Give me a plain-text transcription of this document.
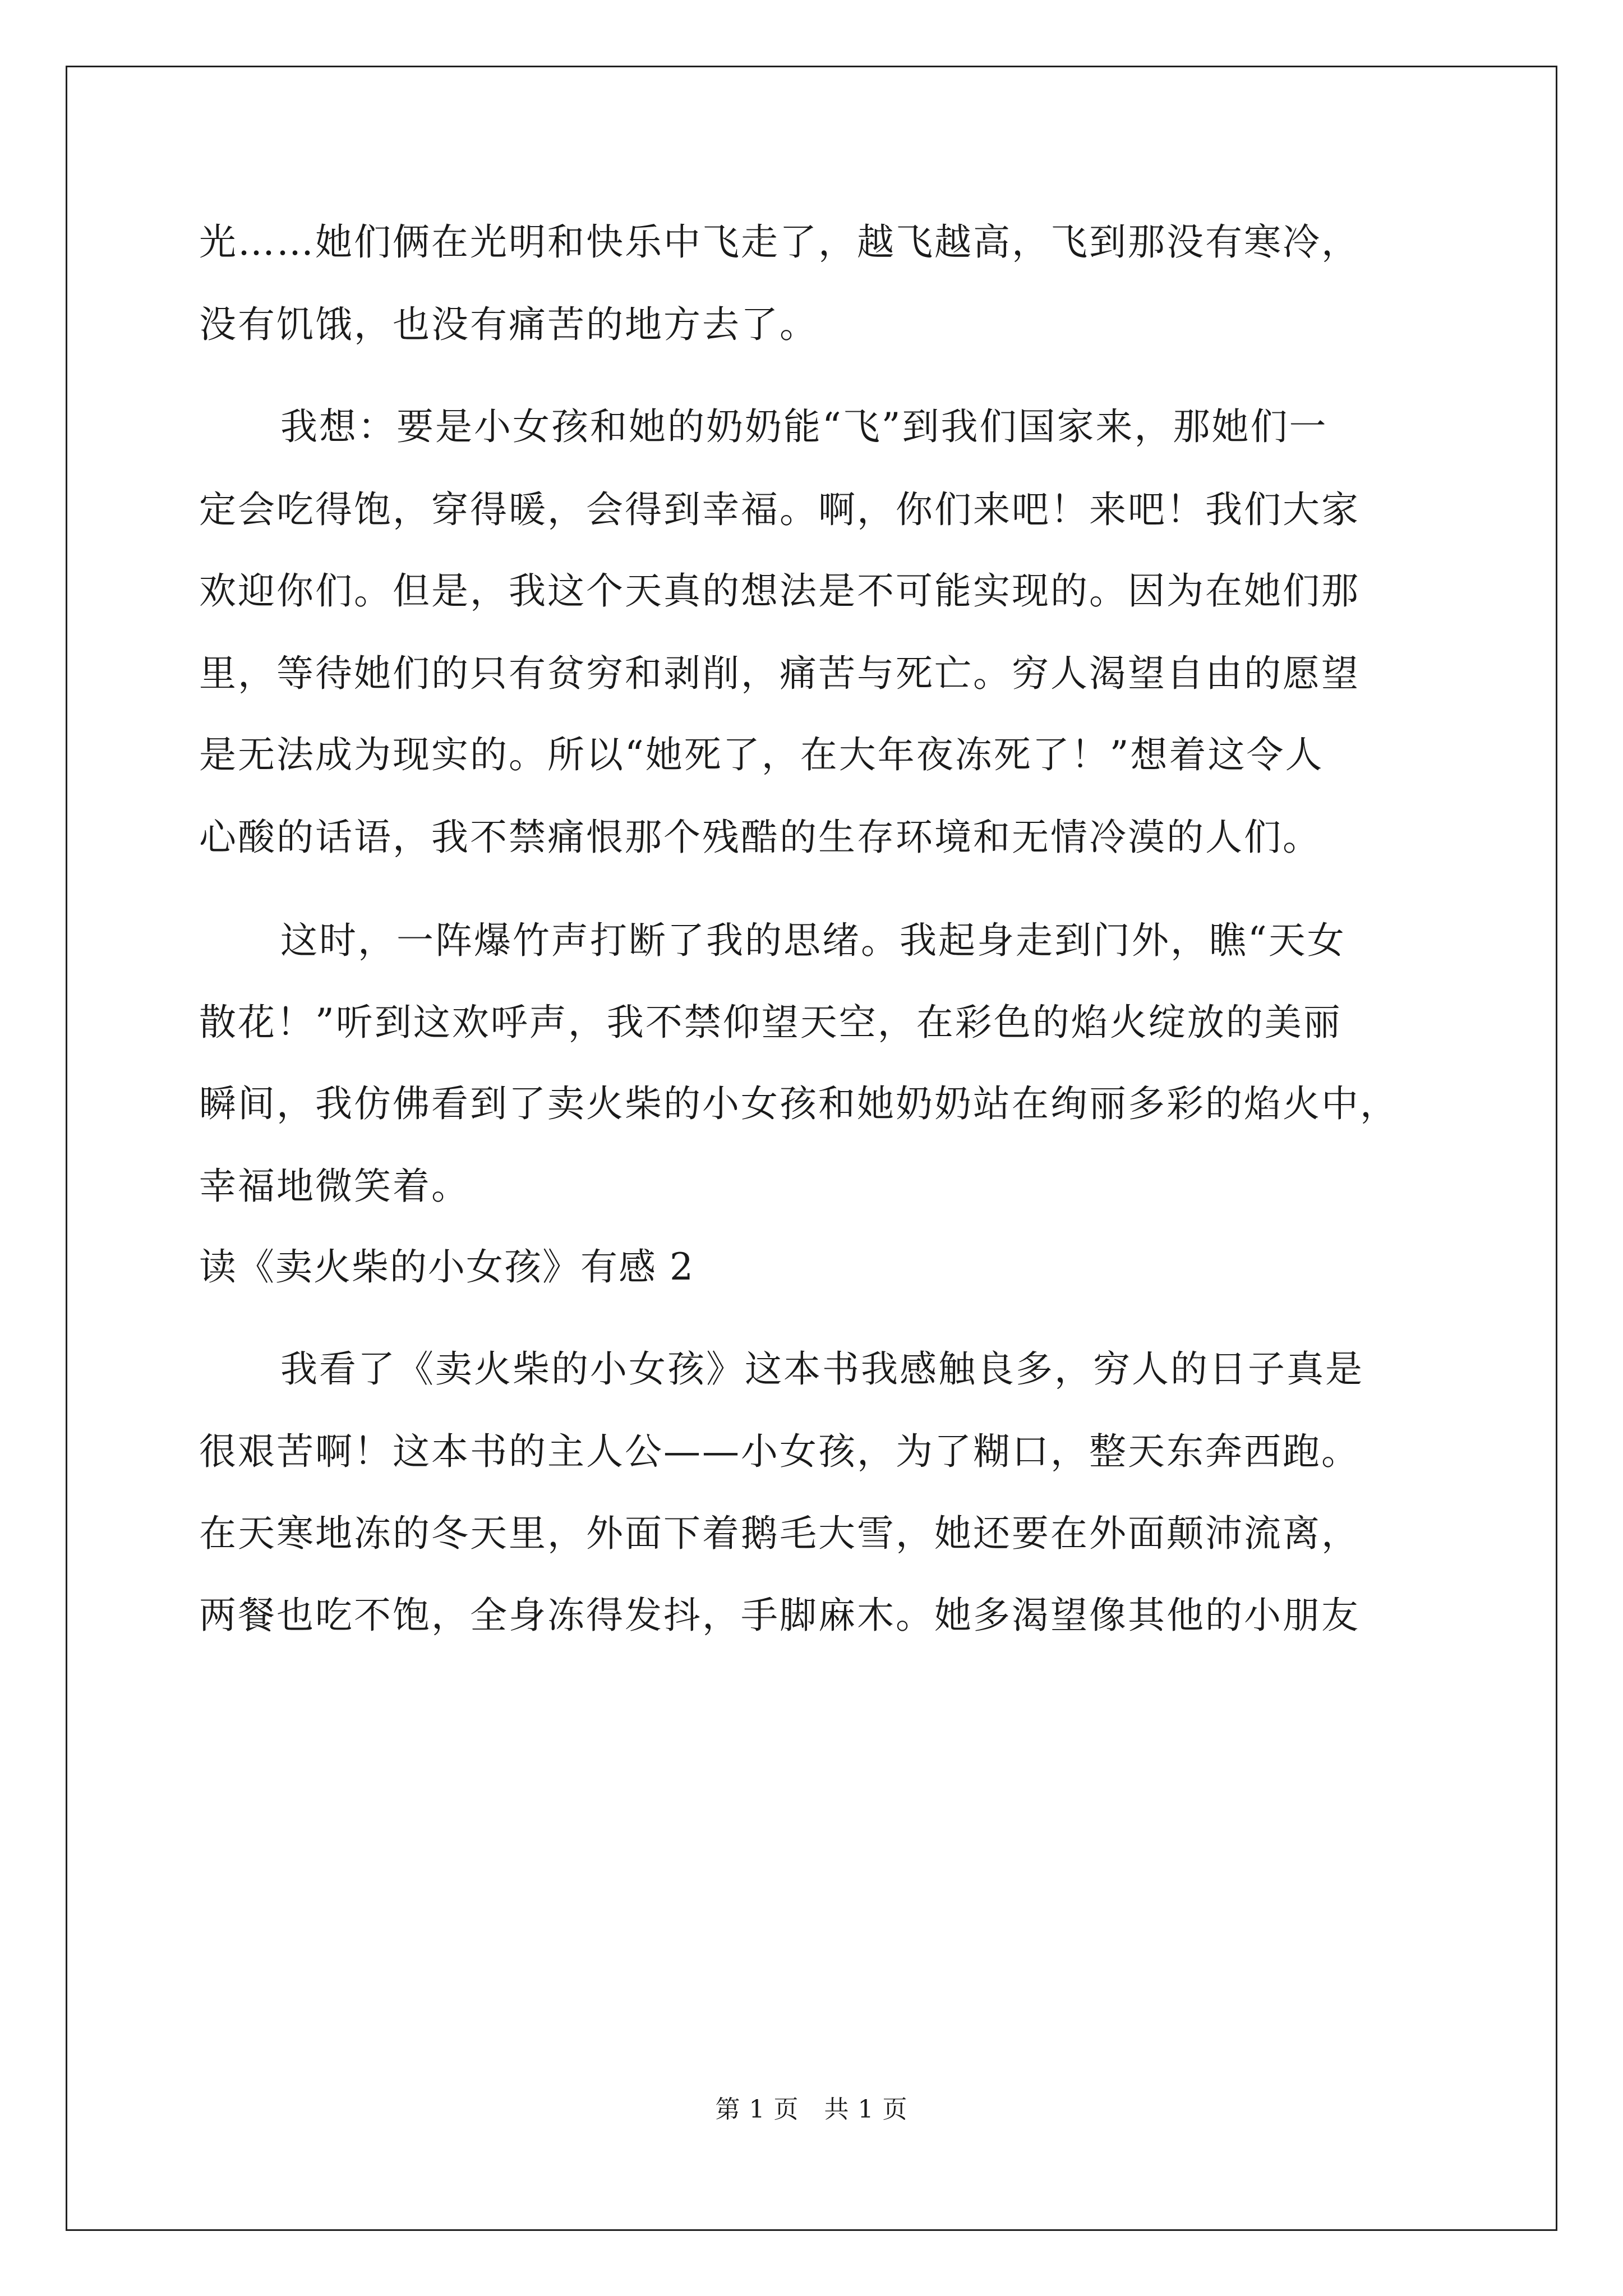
光……她们俩在光明和快乐中飞走了，越飞越高，飞到那没有寒冷，
没有饥饿，也没有痛苦的地方去了。
我想：要是小女孩和她的奶奶能“飞”到我们国家来，那她们一
定会吃得饱，穿得暖，会得到幸福。啊，你们来吧！来吧！我们大家
欢迎你们。但是，我这个天真的想法是不可能实现的。因为在她们那
里，等待她们的只有贫穷和剥削，痛苦与死亡。穷人渴望自由的愿望
是无法成为现实的。所以“她死了，在大年夜冻死了！”想着这令人
心酸的话语，我不禁痛恨那个残酷的生存环境和无情冷漠的人们。
这时，一阵爆竹声打断了我的思绪。我起身走到门外，瞧“天女
散花！”听到这欢呼声，我不禁仰望天空，在彩色的焰火绽放的美丽
瞬间，我仿佛看到了卖火柴的小女孩和她奶奶站在绚丽多彩的焰火中，
幸福地微笑着。
读《卖火柴的小女孩》有感 2
我看了《卖火柴的小女孩》这本书我感触良多，穷人的日子真是
很艰苦啊！这本书的主人公——小女孩，为了糊口，整天东奔西跑。
在天寒地冻的冬天里，外面下着鹅毛大雪，她还要在外面颠沛流离，
两餐也吃不饱，全身冻得发抖，手脚麻木。她多渴望像其他的小朋友
第 1 页　共 1 页
